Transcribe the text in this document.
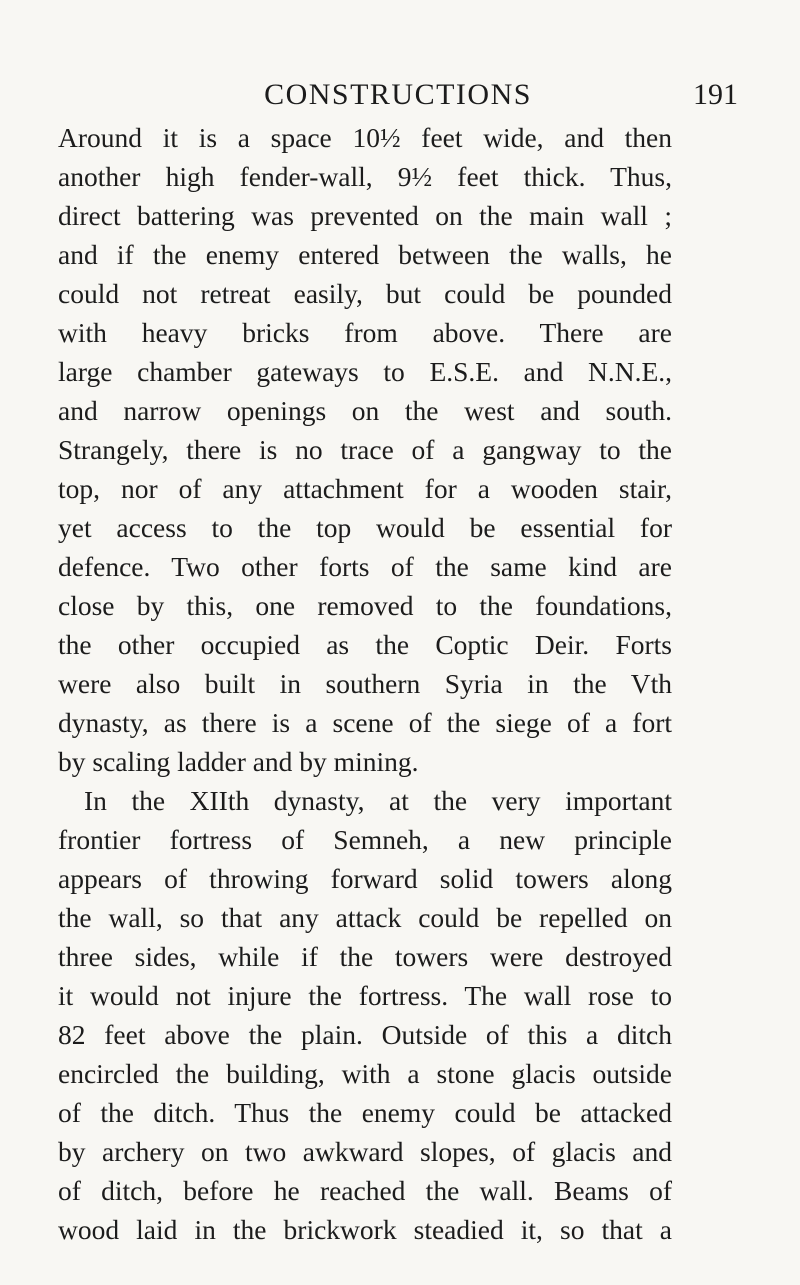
CONSTRUCTIONS	191
Around it is a space 10½ feet wide, and then
another high fender-wall, 9½ feet thick. Thus,
direct battering was prevented on the main wall ;
and if the enemy entered between the walls, he
could not retreat easily, but could be pounded
with heavy bricks from above. There are
large chamber gateways to E.S.E. and N.N.E.,
and narrow openings on the west and south.
Strangely, there is no trace of a gangway to the
top, nor of any attachment for a wooden stair,
yet access to the top would be essential for
defence. Two other forts of the same kind are
close by this, one removed to the foundations,
the other occupied as the Coptic Deir. Forts
were also built in southern Syria in the Vth
dynasty, as there is a scene of the siege of a fort
by scaling ladder and by mining.
In the XIIth dynasty, at the very important
frontier fortress of Semneh, a new principle
appears of throwing forward solid towers along
the wall, so that any attack could be repelled on
three sides, while if the towers were destroyed
it would not injure the fortress. The wall rose to
82 feet above the plain. Outside of this a ditch
encircled the building, with a stone glacis outside
of the ditch. Thus the enemy could be attacked
by archery on two awkward slopes, of glacis and
of ditch, before he reached the wall. Beams of
wood laid in the brickwork steadied it, so that a
